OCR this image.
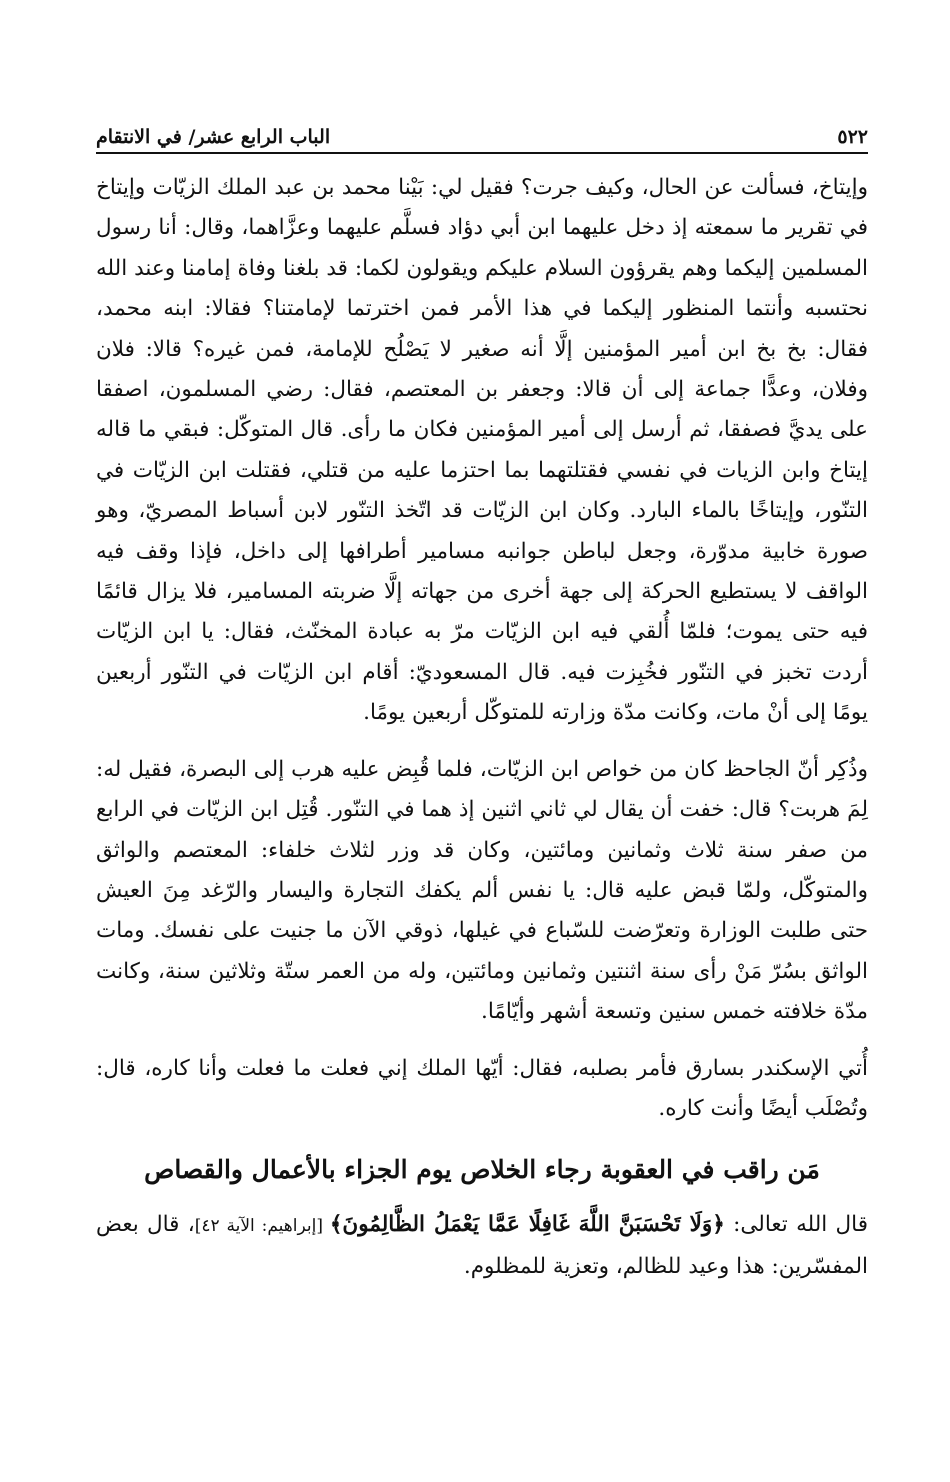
٥٢٢
الباب الرابع عشر/ في الانتقام

وإيتاخ، فسألت عن الحال، وكيف جرت؟ فقيل لي: بَيْنا محمد بن عبد الملك الزيّات وإيتاخ في تقرير ما سمعته إذ دخل عليهما ابن أبي دؤاد فسلَّم عليهما وعزَّاهما، وقال: أنا رسول المسلمين إليكما وهم يقرؤون السلام عليكم ويقولون لكما: قد بلغنا وفاة إمامنا وعند الله نحتسبه وأنتما المنظور إليكما في هذا الأمر فمن اخترتما لإمامتنا؟ فقالا: ابنه محمد، فقال: بخ بخ ابن أمير المؤمنين إلَّا أنه صغير لا يَصْلُح للإمامة، فمن غيره؟ قالا: فلان وفلان، وعدًّا جماعة إلى أن قالا: وجعفر بن المعتصم، فقال: رضي المسلمون، اصفقا على يديَّ فصفقا، ثم أرسل إلى أمير المؤمنين فكان ما رأى. قال المتوكّل: فبقي ما قاله إيتاخ وابن الزيات في نفسي فقتلتهما بما احتزما عليه من قتلي، فقتلت ابن الزيّات في التنّور، وإيتاخًا بالماء البارد. وكان ابن الزيّات قد اتّخذ التنّور لابن أسباط المصريّ، وهو صورة خابية مدوّرة، وجعل لباطن جوانبه مسامير أطرافها إلى داخل، فإذا وقف فيه الواقف لا يستطيع الحركة إلى جهة أخرى من جهاته إلَّا ضربته المسامير، فلا يزال قائمًا فيه حتى يموت؛ فلمّا أُلقي فيه ابن الزيّات مرّ به عبادة المخنّث، فقال: يا ابن الزيّات أردت تخبز في التنّور فخُبِزت فيه. قال المسعوديّ: أقام ابن الزيّات في التنّور أربعين يومًا إلى أنْ مات، وكانت مدّة وزارته للمتوكّل أربعين يومًا.

وذُكِر أنّ الجاحظ كان من خواص ابن الزيّات، فلما قُبِض عليه هرب إلى البصرة، فقيل له: لِمَ هربت؟ قال: خفت أن يقال لي ثاني اثنين إذ هما في التنّور. قُتِل ابن الزيّات في الرابع من صفر سنة ثلاث وثمانين ومائتين، وكان قد وزر لثلاث خلفاء: المعتصم والواثق والمتوكّل، ولمّا قبض عليه قال: يا نفس ألم يكفك التجارة واليسار والرّغد مِنَ العيش حتى طلبت الوزارة وتعرّضت للسّباع في غيلها، ذوقي الآن ما جنيت على نفسك. ومات الواثق بسُرّ مَنْ رأى سنة اثنتين وثمانين ومائتين، وله من العمر ستّة وثلاثين سنة، وكانت مدّة خلافته خمس سنين وتسعة أشهر وأيّامًا.

أُتي الإسكندر بسارق فأمر بصلبه، فقال: أيّها الملك إني فعلت ما فعلت وأنا كاره، قال: وتُصْلَب أيضًا وأنت كاره.

مَن راقب في العقوبة رجاء الخلاص يوم الجزاء بالأعمال والقصاص

قال الله تعالى: ﴿وَلَا تَحْسَبَنَّ اللَّهَ غَافِلًا عَمَّا يَعْمَلُ الظَّالِمُونَ﴾ [إبراهيم: الآية ٤٢]، قال بعض المفسّرين: هذا وعيد للظالم، وتعزية للمظلوم.
